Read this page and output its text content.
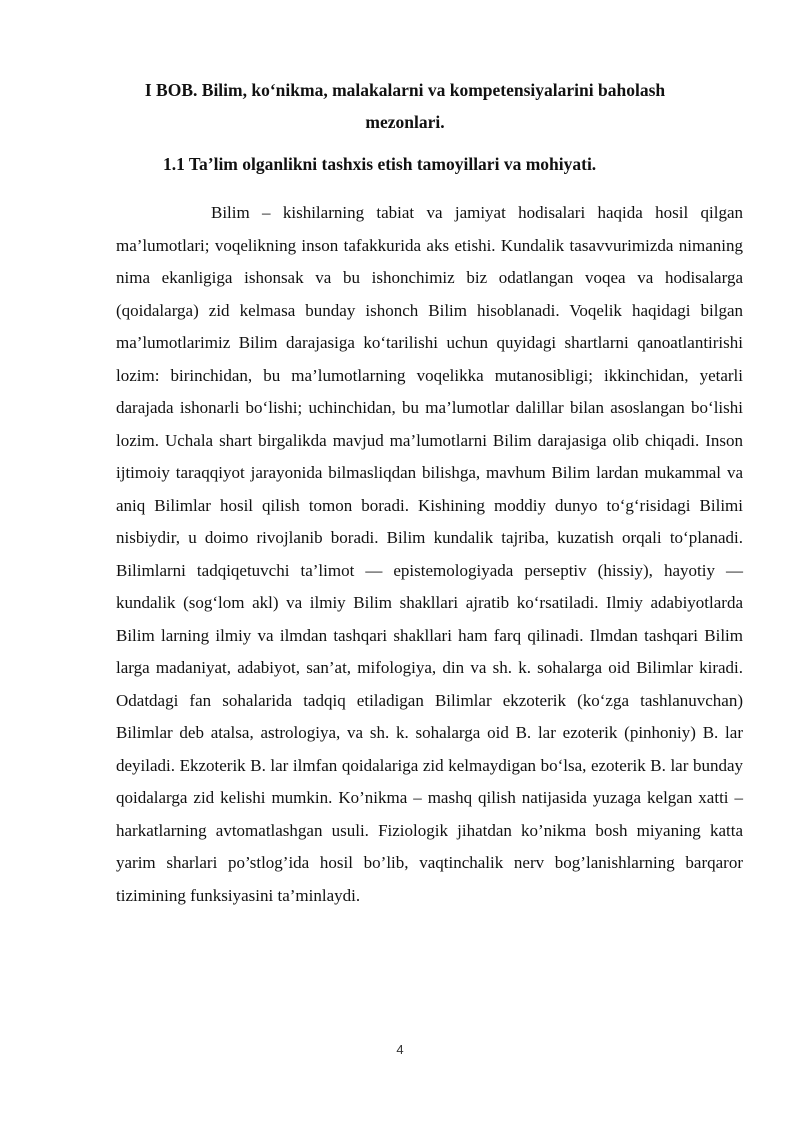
I BOB. Bilim, ko‘nikma, malakalarni va kompetensiyalarini baholash mezonlari.
1.1 Ta’lim olganlikni tashxis etish tamoyillari va mohiyati.

Bilim – kishilarning tabiat va jamiyat hodisalari haqida hosil qilgan ma’lumotlari; voqelikning inson tafakkurida aks etishi. Kundalik tasavvurimizda nimaning nima ekanligiga ishonsak va bu ishonchimiz biz odatlangan voqea va hodisalarga (qoidalarga) zid kelmasa bunday ishonch Bilim hisoblanadi. Voqelik haqidagi bilgan ma’lumotlarimiz Bilim darajasiga ko‘tarilishi uchun quyidagi shartlarni qanoatlantirishi lozim: birinchidan, bu ma’lumotlarning voqelikka mutanosibligi; ikkinchidan, yetarli darajada ishonarli bo‘lishi; uchinchidan, bu ma’lumotlar dalillar bilan asoslangan bo‘lishi lozim. Uchala shart birgalikda mavjud ma’lumotlarni Bilim darajasiga olib chiqadi. Inson ijtimoiy taraqqiyot jarayonida bilmasliqdan bilishga, mavhum Bilim lardan mukammal va aniq Bilimlar hosil qilish tomon boradi. Kishining moddiy dunyo to‘g‘risidagi Bilimi nisbiydir, u doimo rivojlanib boradi. Bilim kundalik tajriba, kuzatish orqali to‘planadi. Bilimlarni tadqiqetuvchi ta’limot — epistemologiyada perseptiv (hissiy), hayotiy — kundalik (sog‘lom akl) va ilmiy Bilim shakllari ajratib ko‘rsatiladi. Ilmiy adabiyotlarda Bilim larning ilmiy va ilmdan tashqari shakllari ham farq qilinadi. Ilmdan tashqari Bilim larga madaniyat, adabiyot, san’at, mifologiya, din va sh. k. sohalarga oid Bilimlar kiradi. Odatdagi fan sohalarida tadqiq etiladigan Bilimlar ekzoterik (ko‘zga tashlanuvchan) Bilimlar deb atalsa, astrologiya, va sh. k. sohalarga oid B. lar ezoterik (pinhoniy) B. lar deyiladi. Ekzoterik B. lar ilmfan qoidalariga zid kelmaydigan bo‘lsa, ezoterik B. lar bunday qoidalarga zid kelishi mumkin. Ko’nikma – mashq qilish natijasida yuzaga kelgan xatti – harkatlarning avtomatlashgan usuli. Fiziologik jihatdan ko’nikma bosh miyaning katta yarim sharlari po’stlog’ida hosil bo’lib, vaqtinchalik nerv bog’lanishlarning barqaror tizimining funksiyasini ta’minlaydi.

4
